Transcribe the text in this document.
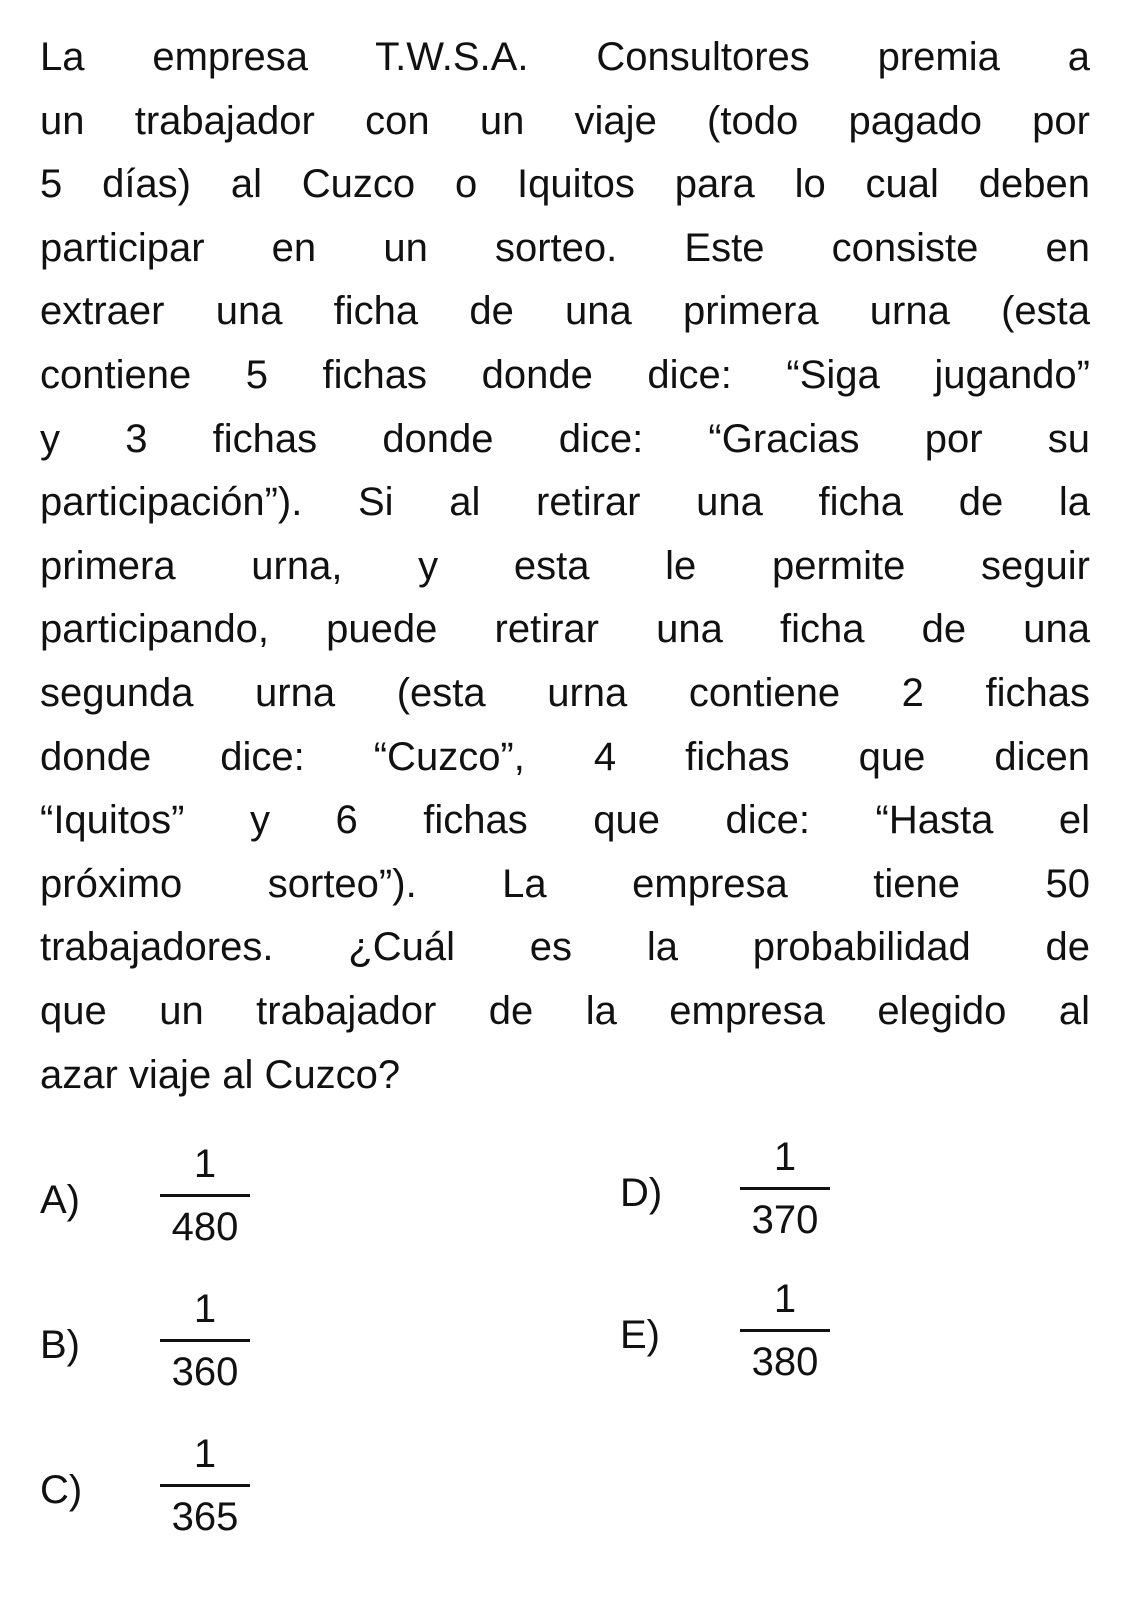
La empresa T.W.S.A. Consultores premia a
un trabajador con un viaje (todo pagado por
5 días) al Cuzco o Iquitos para lo cual deben
participar en un sorteo. Este consiste en
extraer una ficha de una primera urna (esta
contiene 5 fichas donde dice: “Siga jugando”
y 3 fichas donde dice: “Gracias por su
participación”). Si al retirar una ficha de la
primera urna, y esta le permite seguir
participando, puede retirar una ficha de una
segunda urna (esta urna contiene 2 fichas
donde dice: “Cuzco”, 4 fichas que dicen
“Iquitos” y 6 fichas que dice: “Hasta el
próximo sorteo”). La empresa tiene 50
trabajadores. ¿Cuál es la probabilidad de
que un trabajador de la empresa elegido al
azar viaje al Cuzco?
A)	$\frac{1}{480}$
B)	$\frac{1}{360}$
C)	$\frac{1}{365}$
D)	$\frac{1}{370}$
E)	$\frac{1}{380}$
